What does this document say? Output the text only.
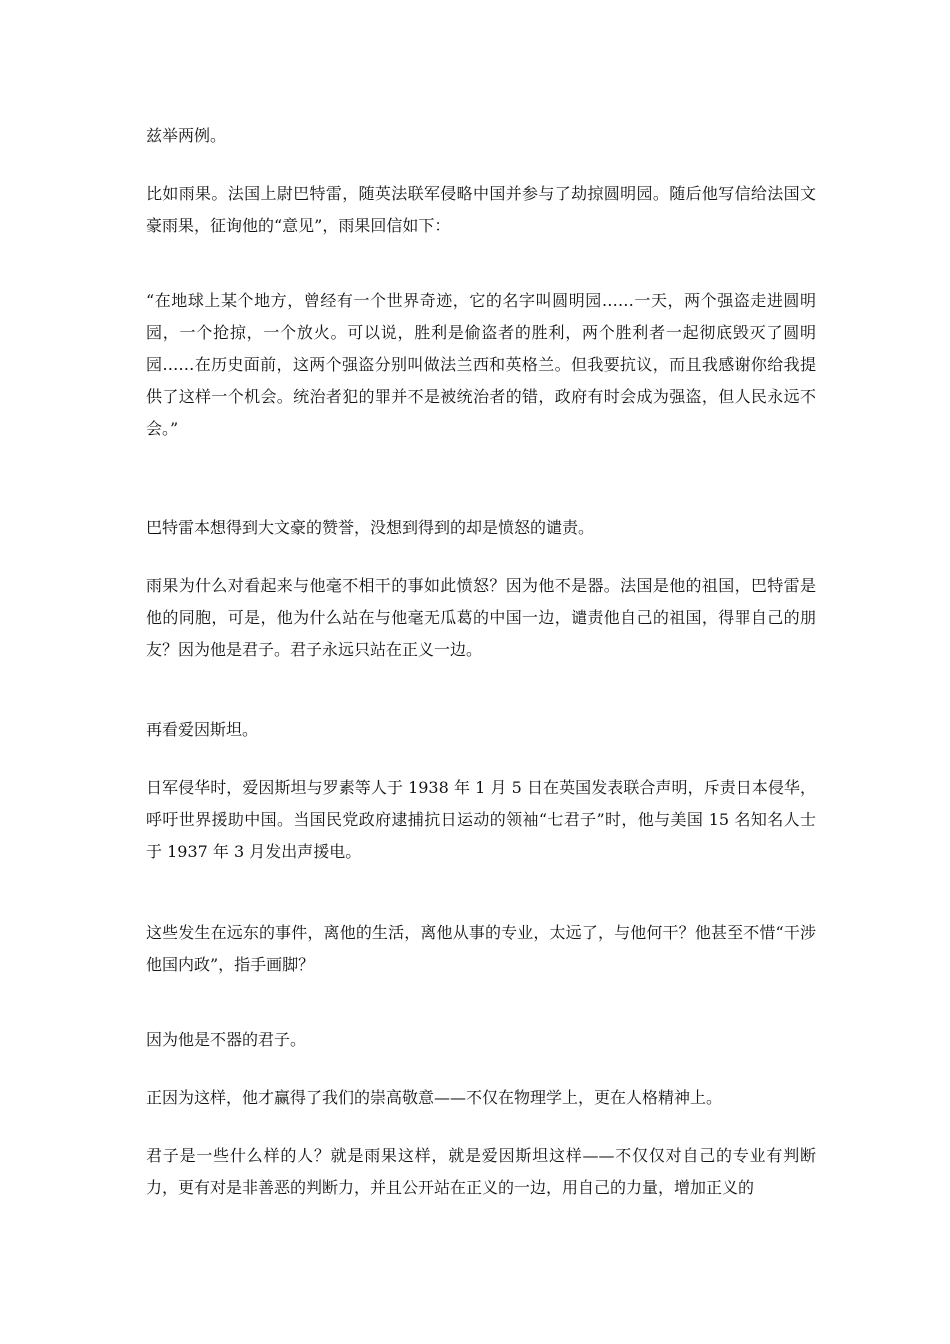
兹举两例。

比如雨果。法国上尉巴特雷，随英法联军侵略中国并参与了劫掠圆明园。随后他写信给法国文豪雨果，征询他的“意见”，雨果回信如下：

“在地球上某个地方，曾经有一个世界奇迹，它的名字叫圆明园……一天，两个强盗走进圆明园，一个抢掠，一个放火。可以说，胜利是偷盗者的胜利，两个胜利者一起彻底毁灭了圆明园……在历史面前，这两个强盗分别叫做法兰西和英格兰。但我要抗议，而且我感谢你给我提供了这样一个机会。统治者犯的罪并不是被统治者的错，政府有时会成为强盗，但人民永远不会。”

巴特雷本想得到大文豪的赞誉，没想到得到的却是愤怒的谴责。

雨果为什么对看起来与他毫不相干的事如此愤怒？因为他不是器。法国是他的祖国，巴特雷是他的同胞，可是，他为什么站在与他毫无瓜葛的中国一边，谴责他自己的祖国，得罪自己的朋友？因为他是君子。君子永远只站在正义一边。

再看爱因斯坦。

日军侵华时，爱因斯坦与罗素等人于 1938 年 1 月 5 日在英国发表联合声明，斥责日本侵华，呼吁世界援助中国。当国民党政府逮捕抗日运动的领袖“七君子”时，他与美国 15 名知名人士于 1937 年 3 月发出声援电。

这些发生在远东的事件，离他的生活，离他从事的专业，太远了，与他何干？他甚至不惜“干涉他国内政”，指手画脚？

因为他是不器的君子。

正因为这样，他才赢得了我们的崇高敬意——不仅在物理学上，更在人格精神上。

君子是一些什么样的人？就是雨果这样，就是爱因斯坦这样——不仅仅对自己的专业有判断力，更有对是非善恶的判断力，并且公开站在正义的一边，用自己的力量，增加正义的
